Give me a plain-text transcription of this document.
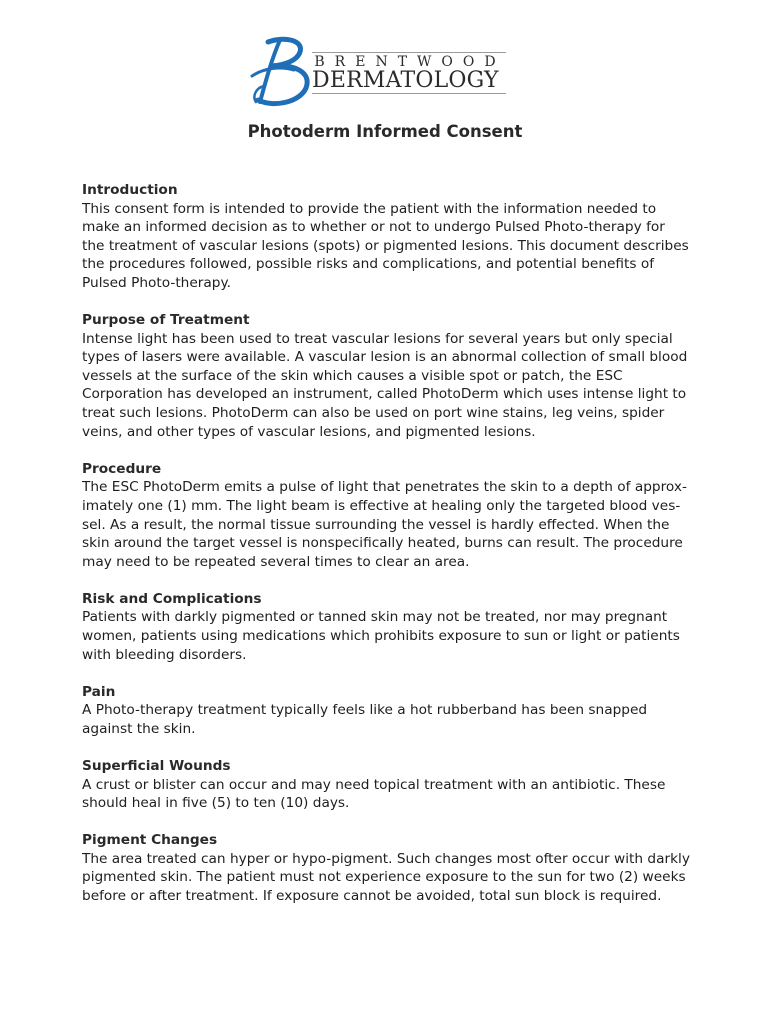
BRENTWOOD
DERMATOLOGY
Photoderm Informed Consent
Introduction

This consent form is intended to provide the patient with the information needed to
make an informed decision as to whether or not to undergo Pulsed Photo-therapy for
the treatment of vascular lesions (spots) or pigmented lesions. This document describes
the procedures followed, possible risks and complications, and potential benefits of
Pulsed Photo-therapy.

Purpose of Treatment

Intense light has been used to treat vascular lesions for several years but only special
types of lasers were available. A vascular lesion is an abnormal collection of small blood
vessels at the surface of the skin which causes a visible spot or patch, the ESC
Corporation has developed an instrument, called PhotoDerm which uses intense light to
treat such lesions. PhotoDerm can also be used on port wine stains, leg veins, spider
veins, and other types of vascular lesions, and pigmented lesions.

Procedure

The ESC PhotoDerm emits a pulse of light that penetrates the skin to a depth of approx-
imately one (1) mm. The light beam is effective at healing only the targeted blood ves-
sel. As a result, the normal tissue surrounding the vessel is hardly effected. When the
skin around the target vessel is nonspecifically heated, burns can result. The procedure
may need to be repeated several times to clear an area.

Risk and Complications

Patients with darkly pigmented or tanned skin may not be treated, nor may pregnant
women, patients using medications which prohibits exposure to sun or light or patients
with bleeding disorders.

Pain

A Photo-therapy treatment typically feels like a hot rubberband has been snapped
against the skin.

Superficial Wounds

A crust or blister can occur and may need topical treatment with an antibiotic. These
should heal in five (5) to ten (10) days.

Pigment Changes

The area treated can hyper or hypo-pigment. Such changes most ofter occur with darkly
pigmented skin. The patient must not experience exposure to the sun for two (2) weeks
before or after treatment. If exposure cannot be avoided, total sun block is required.
